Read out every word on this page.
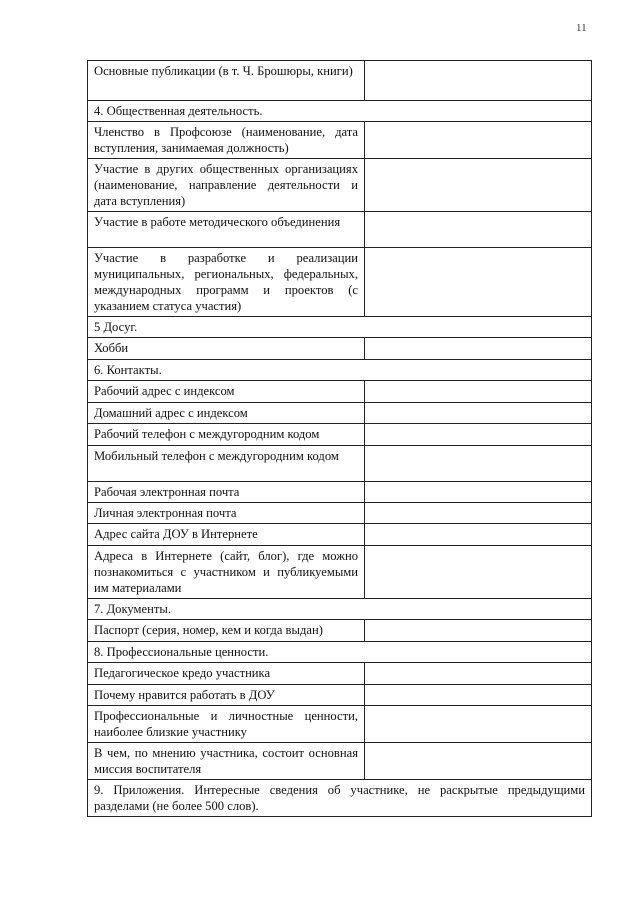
11
Основные публикации (в т. Ч. Брошюры, книги)	
4. Общественная деятельность.	
Членство в Профсоюзе (наименование, дата вступления, занимаемая должность)	
Участие в других общественных организациях (наименование, направление деятельности и дата вступления)	
Участие в работе методического объединения	
Участие в разработке и реализации муниципальных, региональных, федеральных, международных программ и проектов (с указанием статуса участия)	
5 Досуг.	
Хобби	
6. Контакты.	
Рабочий адрес с индексом	
Домашний адрес с индексом	
Рабочий телефон с междугородним кодом	
Мобильный телефон с междугородним кодом	
Рабочая электронная почта	
Личная электронная почта	
Адрес сайта ДОУ в Интернете	
Адреса в Интернете (сайт, блог), где можно познакомиться с участником и публикуемыми им материалами	
7. Документы.	
Паспорт (серия, номер, кем и когда выдан)	
8. Профессиональные ценности.	
Педагогическое кредо участника	
Почему нравится работать в ДОУ	
Профессиональные и личностные ценности, наиболее близкие участнику	
В чем, по мнению участника, состоит основная миссия воспитателя	
9. Приложения. Интересные сведения об участнике, не раскрытые предыдущими разделами (не более 500 слов).	
